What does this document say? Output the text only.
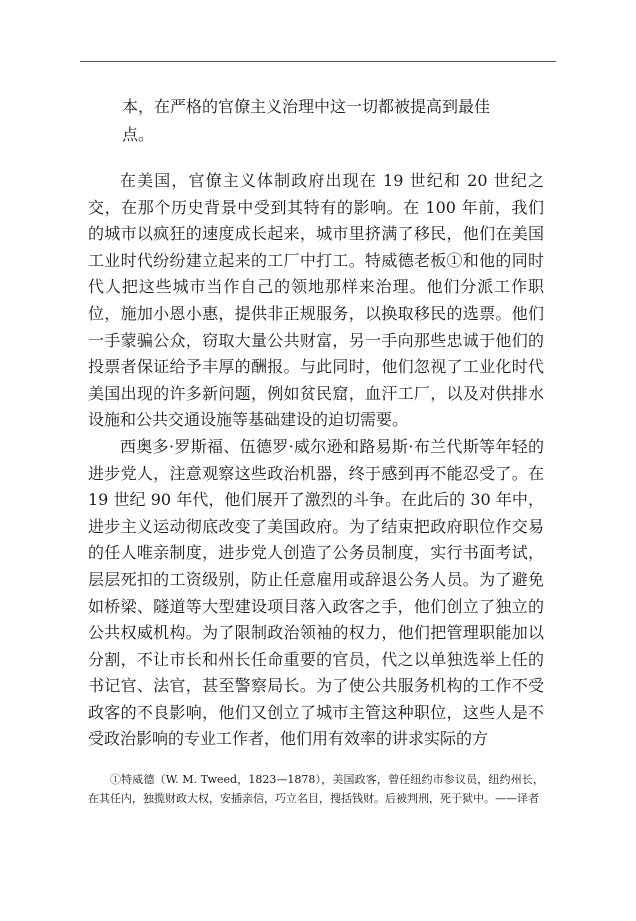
本，在严格的官僚主义治理中这一切都被提高到最佳

点。

在美国，官僚主义体制政府出现在 19 世纪和 20 世纪之交，在那个历史背景中受到其特有的影响。在 100 年前，我们的城市以疯狂的速度成长起来，城市里挤满了移民，他们在美国工业时代纷纷建立起来的工厂中打工。特威德老板①和他的同时代人把这些城市当作自己的领地那样来治理。他们分派工作职位，施加小恩小惠，提供非正规服务，以换取移民的选票。他们一手蒙骗公众，窃取大量公共财富，另一手向那些忠诚于他们的投票者保证给予丰厚的酬报。与此同时，他们忽视了工业化时代美国出现的许多新问题，例如贫民窟，血汗工厂，以及对供排水设施和公共交通设施等基础建设的迫切需要。

西奥多·罗斯福、伍德罗·威尔逊和路易斯·布兰代斯等年轻的进步党人，注意观察这些政治机器，终于感到再不能忍受了。在 19 世纪 90 年代，他们展开了激烈的斗争。在此后的 30 年中，进步主义运动彻底改变了美国政府。为了结束把政府职位作交易的任人唯亲制度，进步党人创造了公务员制度，实行书面考试，层层死扣的工资级别，防止任意雇用或辞退公务人员。为了避免如桥梁、隧道等大型建设项目落入政客之手，他们创立了独立的公共权威机构。为了限制政治领袖的权力，他们把管理职能加以分割，不让市长和州长任命重要的官员，代之以单独选举上任的书记官、法官，甚至警察局长。为了使公共服务机构的工作不受政客的不良影响，他们又创立了城市主管这种职位，这些人是不受政治影响的专业工作者，他们用有效率的讲求实际的方

①特威德（W. M. Tweed，1823—1878），美国政客，曾任纽约市参议员，纽约州长，在其任内，独揽财政大权，安插亲信，巧立名目，搜括钱财。后被判刑，死于狱中。——译者
